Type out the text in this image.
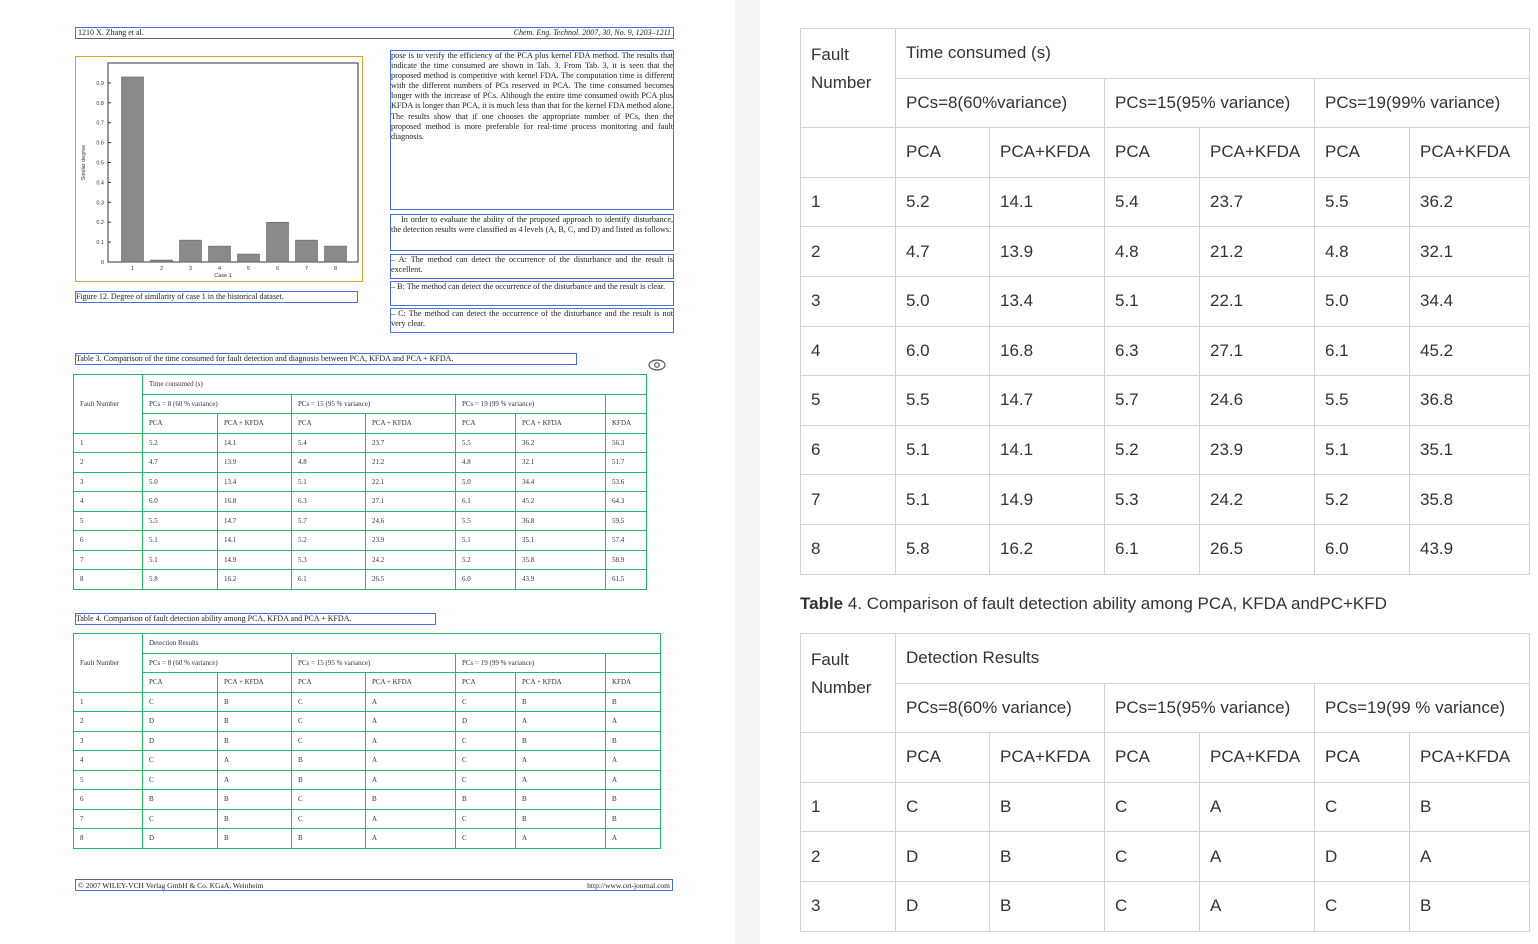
1210 X. Zhang et al.	Chem. Eng. Technol. 2007, 30, No. 9, 1203–1211
0
0.1
0.2
0.3
0.4
0.5
0.6
0.7
0.8
0.9
Similar degree
1	2	3	4	5	6	7	8
Case 1
Figure 12. Degree of similarity of case 1 in the historical dataset.
pose is to verify the efficiency of the PCA plus kernel FDA method. The results that indicate the time consumed are shown in Tab. 3. From Tab. 3, it is seen that the proposed method is competitive with kernel FDA. The computation time is different with the different numbers of PCs reserved in PCA. The time consumed becomes longer with the increase of PCs. Although the entire time consumed owith PCA plus KFDA is longer than PCA, it is much less than that for the kernel FDA method alone. The results show that if one chooses the appropriate number of PCs, then the proposed method is more preferable for real-time process monitoring and fault diagnosis.
In order to evaluate the ability of the proposed approach to identify disturbance, the detection results were classified as 4 levels (A, B, C, and D) and listed as follows:
– A: The method can detect the occurrence of the disturbance and the result is excellent.
– B: The method can detect the occurrence of the disturbance and the result is clear.
– C: The method can detect the occurrence of the disturbance and the result is not very clear.
Table 3. Comparison of the time consumed for fault detection and diagnosis between PCA, KFDA and PCA + KFDA.
Fault Number	Time consumed (s)						
	PCs = 8 (60 % variance)		PCs = 15 (95 % variance)		PCs = 19 (99 % variance)		
	PCA	PCA + KFDA	PCA	PCA + KFDA	PCA	PCA + KFDA	KFDA
1	5.2	14.1	5.4	23.7	5.5	36.2	56.3
2	4.7	13.9	4.8	21.2	4.8	32.1	51.7
3	5.0	13.4	5.1	22.1	5.0	34.4	53.6
4	6.0	16.8	6.3	27.1	6.1	45.2	64.3
5	5.5	14.7	5.7	24.6	5.5	36.8	59.5
6	5.1	14.1	5.2	23.9	5.1	35.1	57.4
7	5.1	14.9	5.3	24.2	5.2	35.8	58.9
8	5.8	16.2	6.1	26.5	6.0	43.9	61.5
Table 4. Comparison of fault detection ability among PCA, KFDA and PCA + KFDA.
Fault Number	Detection Results						
	PCs = 8 (60 % variance)		PCs = 15 (95 % variance)		PCs = 19 (99 % variance)		
	PCA	PCA + KFDA	PCA	PCA + KFDA	PCA	PCA + KFDA	KFDA
1	C	B	C	A	C	B	B
2	D	B	C	A	D	A	A
3	D	B	C	A	C	B	B
4	C	A	B	A	C	A	A
5	C	A	B	A	C	A	A
6	B	B	C	B	B	B	B
7	C	B	C	A	C	B	B
8	D	B	B	A	C	A	A
© 2007 WILEY-VCH Verlag GmbH & Co. KGaA, Weinheim	http://www.cet-journal.com
Fault Number	Time consumed (s)					
	PCs=8(60%variance)		PCs=15(95% variance)		PCs=19(99% variance)	
	PCA	PCA+KFDA	PCA	PCA+KFDA	PCA	PCA+KFDA
1	5.2	14.1	5.4	23.7	5.5	36.2
2	4.7	13.9	4.8	21.2	4.8	32.1
3	5.0	13.4	5.1	22.1	5.0	34.4
4	6.0	16.8	6.3	27.1	6.1	45.2
5	5.5	14.7	5.7	24.6	5.5	36.8
6	5.1	14.1	5.2	23.9	5.1	35.1
7	5.1	14.9	5.3	24.2	5.2	35.8
8	5.8	16.2	6.1	26.5	6.0	43.9
Table 4. Comparison of fault detection ability among PCA, KFDA andPC+KFD
Fault Number	Detection Results					
	PCs=8(60% variance)		PCs=15(95% variance)		PCs=19(99 % variance)	
	PCA	PCA+KFDA	PCA	PCA+KFDA	PCA	PCA+KFDA
1	C	B	C	A	C	B
2	D	B	C	A	D	A
3	D	B	C	A	C	B
